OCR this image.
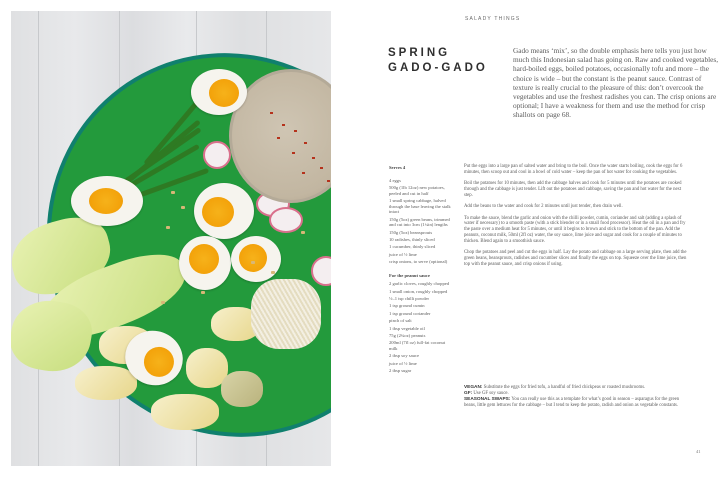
SALADY THINGS
SPRING
GADO-GADO
Gado means ‘mix’, so the double emphasis here tells you just how much this Indonesian salad has going on. Raw and cooked vegetables, hard-boiled eggs, boiled potatoes, occasionally tofu and more – the choice is wide – but the constant is the peanut sauce. Contrast of texture is really crucial to the pleasure of this: don’t overcook the vegetables and use the freshest radishes you can. The crisp onions are optional; I have a weakness for them and use the method for crisp shallots on page 68.
Serves 4
4 eggs
500g (1lb 12oz) new potatoes, peeled and cut in half
1 small spring cabbage, halved through the base leaving the stalk intact
150g (5oz) green beans, trimmed and cut into 3cm (1¼in) lengths
150g (5oz) beansprouts
10 radishes, thinly sliced
1 cucumber, thinly sliced
juice of ½ lime
crisp onions, to serve (optional)
For the peanut sauce
2 garlic cloves, roughly chopped
1 small onion, roughly chopped
½–1 tsp chilli powder
1 tsp ground cumin
1 tsp ground coriander
pinch of salt
1 tbsp vegetable oil
75g (2¾oz) peanuts
200ml (7fl oz) full-fat coconut milk
2 tbsp soy sauce
juice of ½ lime
2 tbsp sugar

Put the eggs into a large pan of salted water and bring to the boil. Once the water starts boiling, cook the eggs for 6 minutes, then scoop out and cool in a bowl of cold water – keep the pan of hot water for cooking the vegetables.

Boil the potatoes for 10 minutes, then add the cabbage halves and cook for 5 minutes until the potatoes are cooked through and the cabbage is just tender. Lift out the potatoes and cabbage, saving the pan and hot water for the next step.

Add the beans to the water and cook for 2 minutes until just tender, then drain well.

To make the sauce, blend the garlic and onion with the chilli powder, cumin, coriander and salt (adding a splash of water if necessary) to a smooth paste (with a stick blender or in a small food processor). Heat the oil in a pan and fry the paste over a medium heat for 5 minutes, or until it begins to brown and stick to the bottom of the pan. Add the peanuts, coconut milk, 50ml (2fl oz) water, the soy sauce, lime juice and sugar and cook for a couple of minutes to thicken. Blend again to a smoothish sauce.

Chop the potatoes and peel and cut the eggs in half. Lay the potato and cabbage on a large serving plate, then add the green beans, beansprouts, radishes and cucumber slices and finally the eggs on top. Squeeze over the lime juice, then top with the peanut sauce, and crisp onions if using.

VEGAN: Substitute the eggs for fried tofu, a handful of fried chickpeas or roasted mushrooms.
GF: Use GF soy sauce.
SEASONAL SWAPS: You can really use this as a template for what’s good in season – asparagus for the green beans, little gem lettuces for the cabbage – but I tend to keep the potato, radish and onion as vegetable constants.
41
